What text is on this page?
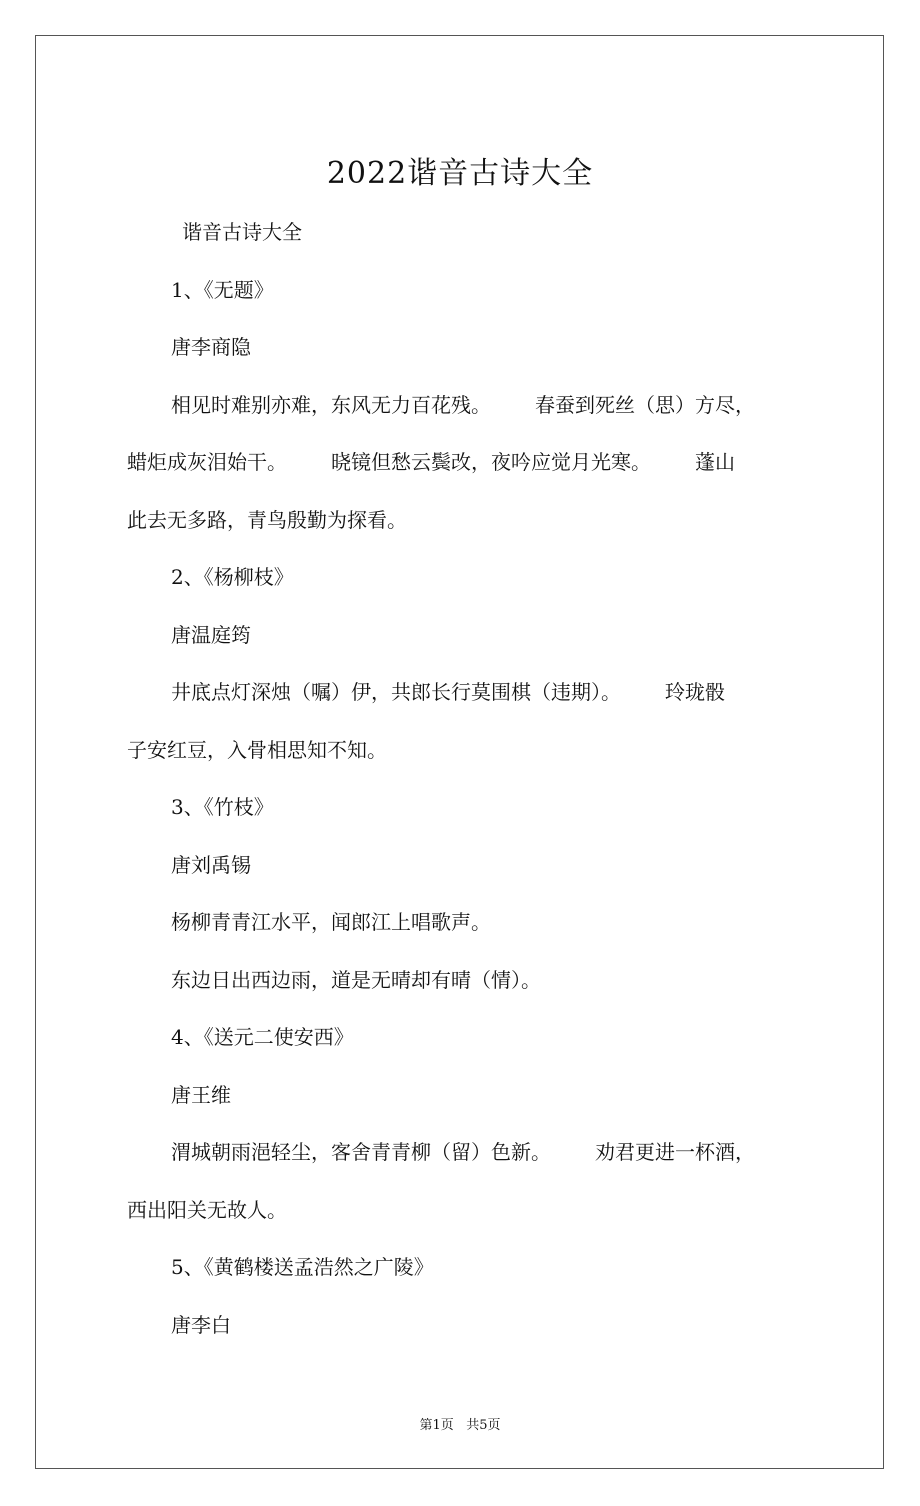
2022谐音古诗大全

谐音古诗大全

1、《无题》

唐李商隐

相见时难别亦难，东风无力百花残。 春蚕到死丝（思）方尽，

蜡炬成灰泪始干。 晓镜但愁云鬓改，夜吟应觉月光寒。 蓬山

此去无多路，青鸟殷勤为探看。

2、《杨柳枝》

唐温庭筠

井底点灯深烛（嘱）伊，共郎长行莫围棋（违期）。 玲珑骰

子安红豆，入骨相思知不知。

3、《竹枝》

唐刘禹锡

杨柳青青江水平，闻郎江上唱歌声。

东边日出西边雨，道是无晴却有晴（情）。

4、《送元二使安西》

唐王维

渭城朝雨浥轻尘，客舍青青柳（留）色新。 劝君更进一杯酒，

西出阳关无故人。

5、《黄鹤楼送孟浩然之广陵》

唐李白

第1页 共5页
